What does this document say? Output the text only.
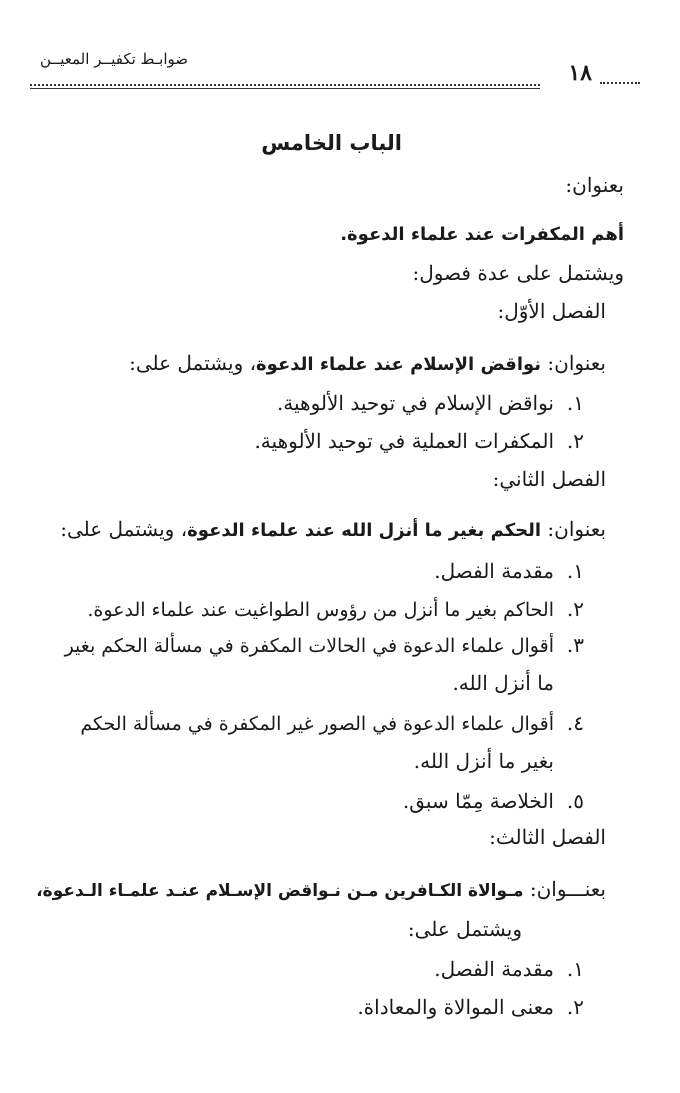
١٨
ضوابـط تكفيــر المعيــن
الباب الخامس
بعنوان:
أهم المكفرات عند علماء الدعوة.
ويشتمل على عدة فصول:
الفصل الأوّل:
بعنوان: نواقض الإسلام عند علماء الدعوة، ويشتمل على:
١.نواقض الإسلام في توحيد الألوهية.
٢.المكفرات العملية في توحيد الألوهية.
الفصل الثاني:
بعنوان: الحكم بغير ما أنزل الله عند علماء الدعوة، ويشتمل على:
١.مقدمة الفصل.
٢.الحاكم بغير ما أنزل من رؤوس الطواغيت عند علماء الدعوة.
٣.أقوال علماء الدعوة في الحالات المكفرة في مسألة الحكم بغير
ما أنزل الله.
٤.أقوال علماء الدعوة في الصور غير المكفرة في مسألة الحكم
بغير ما أنزل الله.
٥.الخلاصة مِمّا سبق.
الفصل الثالث:
بعنـــوان: مـوالاة الكـافرين مـن نـواقض الإسـلام عنـد علمـاء الـدعوة،
ويشتمل على:
١.مقدمة الفصل.
٢.معنى الموالاة والمعاداة.
